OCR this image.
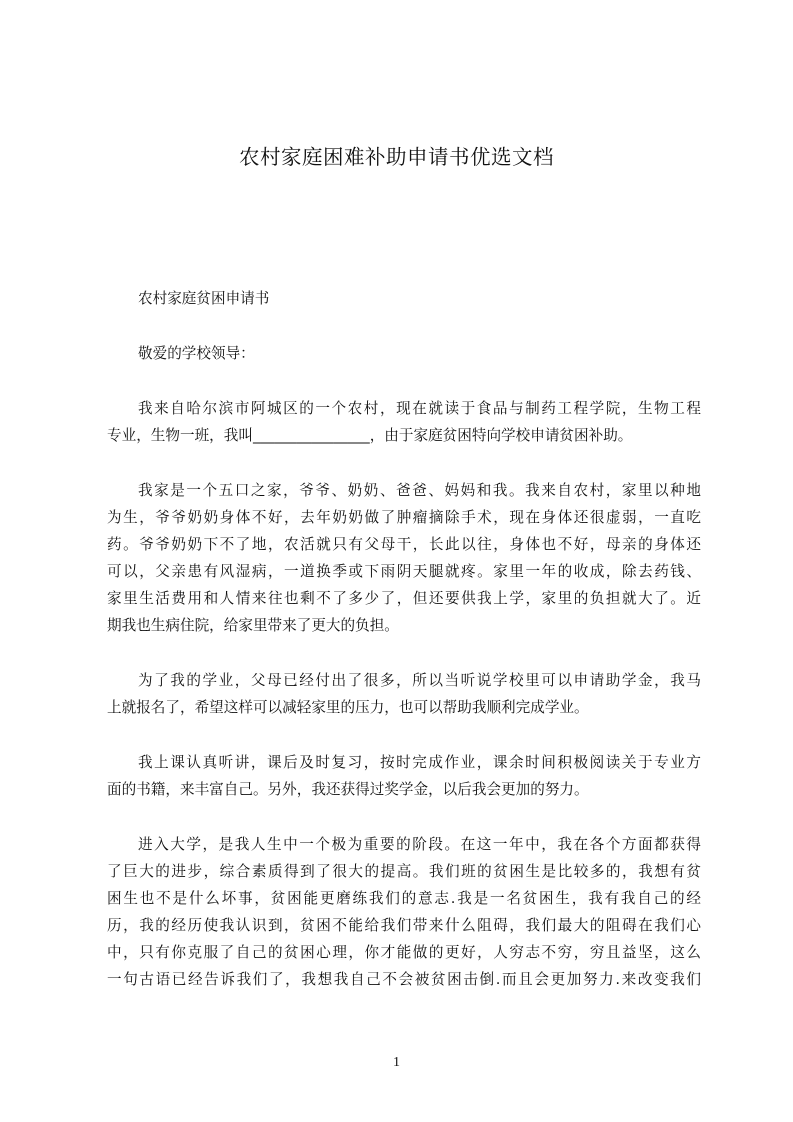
农村家庭困难补助申请书优选文档
农村家庭贫困申请书
敬爱的学校领导：
我来自哈尔滨市阿城区的一个农村，现在就读于食品与制药工程学院，生物工程
专业，生物一班，我叫________________，由于家庭贫困特向学校申请贫困补助。
我家是一个五口之家，爷爷、奶奶、爸爸、妈妈和我。我来自农村，家里以种地
为生，爷爷奶奶身体不好，去年奶奶做了肿瘤摘除手术，现在身体还很虚弱，一直吃
药。爷爷奶奶下不了地，农活就只有父母干，长此以往，身体也不好，母亲的身体还
可以，父亲患有风湿病，一道换季或下雨阴天腿就疼。家里一年的收成，除去药钱、
家里生活费用和人情来往也剩不了多少了，但还要供我上学，家里的负担就大了。近
期我也生病住院，给家里带来了更大的负担。
为了我的学业，父母已经付出了很多，所以当听说学校里可以申请助学金，我马
上就报名了，希望这样可以减轻家里的压力，也可以帮助我顺利完成学业。
我上课认真听讲，课后及时复习，按时完成作业，课余时间积极阅读关于专业方
面的书籍，来丰富自己。另外，我还获得过奖学金，以后我会更加的努力。
进入大学，是我人生中一个极为重要的阶段。在这一年中，我在各个方面都获得
了巨大的进步，综合素质得到了很大的提高。我们班的贫困生是比较多的，我想有贫
困生也不是什么坏事，贫困能更磨练我们的意志.我是一名贫困生，我有我自己的经
历，我的经历使我认识到，贫困不能给我们带来什么阻碍，我们最大的阻碍在我们心
中，只有你克服了自己的贫困心理，你才能做的更好，人穷志不穷，穷且益坚，这么
一句古语已经告诉我们了，我想我自己不会被贫困击倒.而且会更加努力.来改变我们
1
